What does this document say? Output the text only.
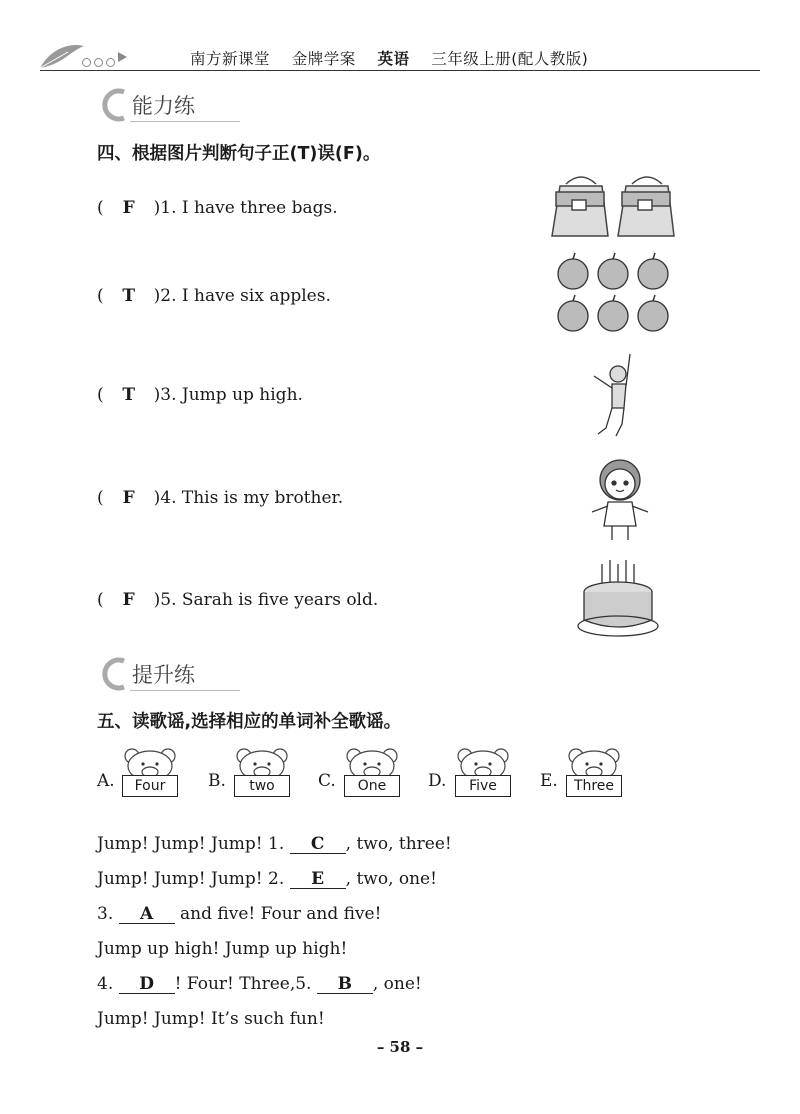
南方新课堂 金牌学案 英语 三年级上册(配人教版)
能力练
四、根据图片判断句子正(T)误(F)。
( F )1. I have three bags.
( T )2. I have six apples.
( T )3. Jump up high.
( F )4. This is my brother.
( F )5. Sarah is five years old.
提升练
五、读歌谣,选择相应的单词补全歌谣。
A.	Four	B.	two	C.	One	D.	Five	E.	Three
Jump! Jump! Jump! 1. C , two, three!
Jump! Jump! Jump! 2. E , two, one!
3. A and five! Four and five!
Jump up high! Jump up high!
4. D ! Four! Three,5. B , one!
Jump! Jump! It’s such fun!
– 58 –
